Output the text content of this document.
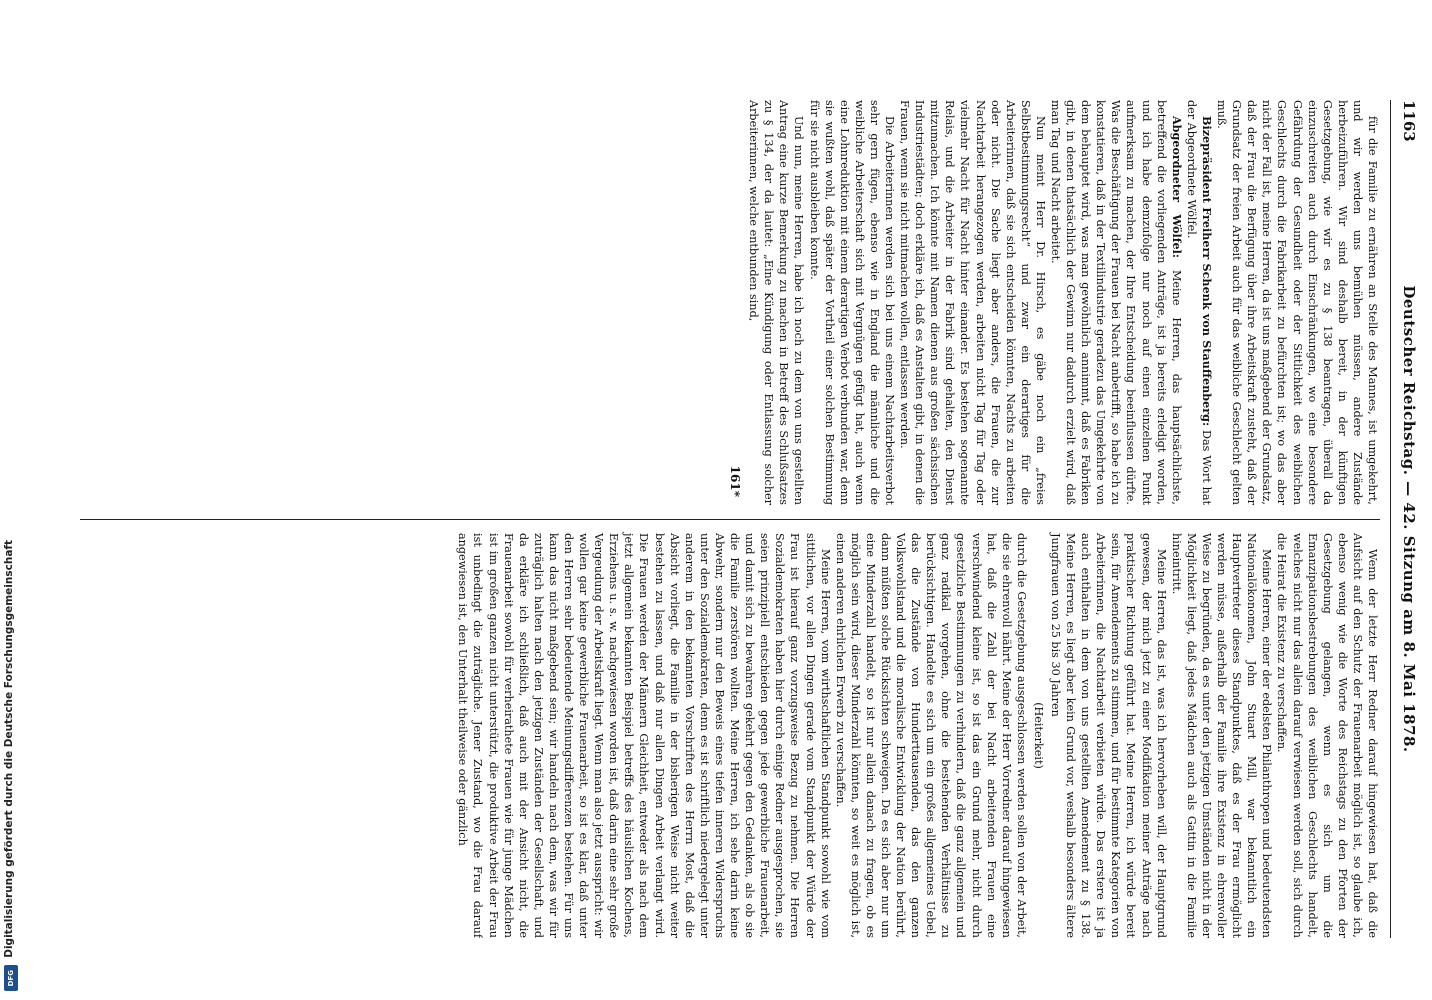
1163
Deutscher Reichstag. — 42. Sitzung am 8. Mai 1878.

für die Familie zu ernähren an Stelle des Mannes, ist umgekehrt, und wir werden uns bemühen müssen, andere Zustände herbeizuführen. Wir sind deshalb bereit, in der künftigen Gesetzgebung, wie wir es zu § 138 beantragen, überall da einzuschreiten auch durch Einschränkungen, wo eine besondere Gefährdung der Gesundheit oder der Sittlichkeit des weiblichen Geschlechts durch die Fabrikarbeit zu befürchten ist; wo das aber nicht der Fall ist, meine Herren, da ist uns maßgebend der Grundsatz, daß der Frau die Berfügung über ihre Arbeitskraft zusteht, daß der Grundsatz der freien Arbeit auch für das weibliche Geschlecht gelten muß.

Bizepräsident Freiherr Schenk von Stauffenberg: Das Wort hat der Abgeordnete Wölfel.

Abgeordneter Wölfel: Meine Herren, das hauptsächlichste, betreffend die vorliegenden Anträge, ist ja bereits erledigt worden, und ich habe demzufolge nur noch auf einen einzelnen Punkt aufmerksam zu machen, der Ihre Entscheidung beeinflussen dürfte. Was die Beschäftigung der Frauen bei Nacht anbetrifft, so habe ich zu konstatieren, daß in der Textilindustrie geradezu das Umgekehrte von dem behauptet wird, was man gewöhnlich annimmt, daß es Fabriken gibt, in denen thatsächlich der Gewinn nur dadurch erzielt wird, daß man Tag und Nacht arbeitet.

Nun meint Herr Dr. Hirsch, es gäbe noch ein „freies Selbstbestimmungsrecht“ und zwar ein derartiges für die Arbeiterinnen, daß sie sich entscheiden könnten, Nachts zu arbeiten oder nicht. Die Sache liegt aber anders, die Frauen, die zur Nachtarbeit herangezogen werden, arbeiten nicht Tag für Tag oder vielmehr Nacht für Nacht hinter einander. Es bestehen sogenannte Relais, und die Arbeiter in der Fabrik sind gehalten, den Dienst mitzumachen. Ich könnte mit Namen dienen aus großen sächsischen Industriestädten; doch erkläre ich, daß es Anstalten gibt, in denen die Frauen, wenn sie nicht mitmachen wollen, entlassen werden.

Die Arbeiterinnen werden sich bei uns einem Nachtarbeitsverbot sehr gern fügen, ebenso wie in England die männliche und die weibliche Arbeiterschaft sich mit Vergnügen gefügt hat, auch wenn eine Lohnreduktion mit einem derartigen Verbot verbunden war, denn sie wußten wohl, daß später der Vortheil einer solchen Bestimmung für sie nicht ausbleiben konnte.

Und nun, meine Herren, habe ich noch zu dem von uns gestellten Antrag eine kurze Bemerkung zu machen in Betreff des Schlußsatzes zu § 134, der da lautet: „Eine Kündigung oder Entlassung solcher Arbeiterinnen, welche entbunden sind,

161*

Wenn der letzte Herr Redner darauf hingewiesen hat, daß die Aufsicht auf den Schutz der Frauenarbeit möglich ist, so glaube ich, ebenso wenig wie die Worte des Reichstags zu den Pforten der Gesetzgebung gelangen, wenn es sich um die Emanzipationsbestrebungen des weiblichen Geschlechts handelt, welches nicht nur das allein darauf verwiesen werden soll, sich durch die Heirat die Existenz zu verschaffen.

Meine Herren, einer der edelsten Philanthropen und bedeutendsten Nationalökonomen, John Stuart Mill, war bekanntlich ein Hauptvertreter dieses Standpunktes, daß es der Frau ermöglicht werden müsse, außerhalb der Familie ihre Existenz in ehrenvoller Weise zu begründen, da es unter den jetzigen Umständen nicht in der Möglichkeit liegt, daß jedes Mädchen auch als Gattin in die Familie hineintritt.

Meine Herren, das ist, was ich hervorheben will, der Hauptgrund gewesen, der mich jetzt zu einer Modifikation meiner Anträge nach praktischer Richtung geführt hat. Meine Herren, ich würde bereit sein, für Amendements zu stimmen, und für bestimmte Kategorien von Arbeiterinnen, die Nachtarbeit verbieten würde. Das erstere ist ja auch enthalten in dem von uns gestellten Amendement zu § 138. Meine Herren, es liegt aber kein Grund vor, weshalb besonders ältere Jungfrauen von 25 bis 30 Jahren

(Heiterkeit)

durch die Gesetzgebung ausgeschlossen werden sollen von der Arbeit, die sie ehrenvoll nährt. Meine der Herr Vorredner darauf hingewiesen hat, daß die Zahl der bei Nacht arbeitenden Frauen eine verschwindend kleine ist, so ist das ein Grund mehr, nicht durch gesetzliche Bestimmungen zu verhindern, daß die ganz allgemein und ganz radikal vorgehen, ohne die bestehenden Verhältnisse zu berücksichtigen. Handelte es sich um ein großes allgemeines Uebel, das die Zustände von Hunderttausenden, das den ganzen Volkswohlstand und die moralische Entwicklung der Nation berührt, dann müßten solche Rücksichten schweigen. Da es sich aber nur um eine Minderzahl handelt, so ist nur allein danach zu fragen, ob es möglich sein wird, dieser Minderzahl könnten, so weit es möglich ist, einen anderen ehrlichen Erwerb zu verschaffen.

Meine Herren, vom wirthschaftlichen Standpunkt sowohl wie vom sittlichen, vor allen Dingen gerade vom Standpunkt der Würde der Frau ist hierauf ganz vorzugsweise Bezug zu nehmen. Die Herren Sozialdemokraten haben hier durch einige Redner ausgesprochen, sie seien prinzipiell entschieden gegen jede gewerbliche Frauenarbeit, und damit sich zu bewahren gekehrt gegen den Gedanken, als ob sie die Familie zerstören wollten. Meine Herren, ich sehe darin keine Abwehr, sondern nur den Beweis eines tiefen inneren Widerspruchs unter den Sozialdemokraten, denn es ist schriftlich niedergelegt unter anderem in den bekannten Vorschriften des Herrn Most, daß die Absicht vorliegt, die Familie in der bisherigen Weise nicht weiter bestehen zu lassen, und daß nur allen Dingen Arbeit verlangt wird. Die Frauen werden der Männern Gleichheit, entweder als nach dem jetzt allgemein bekannten Beispiel betreffs des häuslichen Kochens, Erziehens u. s. w. nachgewiesen worden ist, daß darin eine sehr große Vergeudung der Arbeitskraft liegt. Wenn man also jetzt ausspricht: wir wollen gar keine gewerbliche Frauenarbeit, so ist es klar, daß unter den Herren sehr bedeutende Meinungsdifferenzen bestehen. Für uns kann das nicht maßgebend sein; wir handeln nach dem, was wir für zuträglich halten nach den jetzigen Zuständen der Gesellschaft, und da erkläre ich schließlich, daß auch mit der Ansicht nicht, die Frauenarbeit sowohl für verheirathete Frauen wie für junge Mädchen ist im großen ganzen nicht unterstützt, die produktive Arbeit der Frau ist unbedingt die zuträgliche. Jener Zustand, wo die Frau darauf angewiesen ist, den Unterhalt theilweise oder gänzlich

Digitalisierung gefördert durch die Deutsche Forschungsgemeinschaft
DFG
